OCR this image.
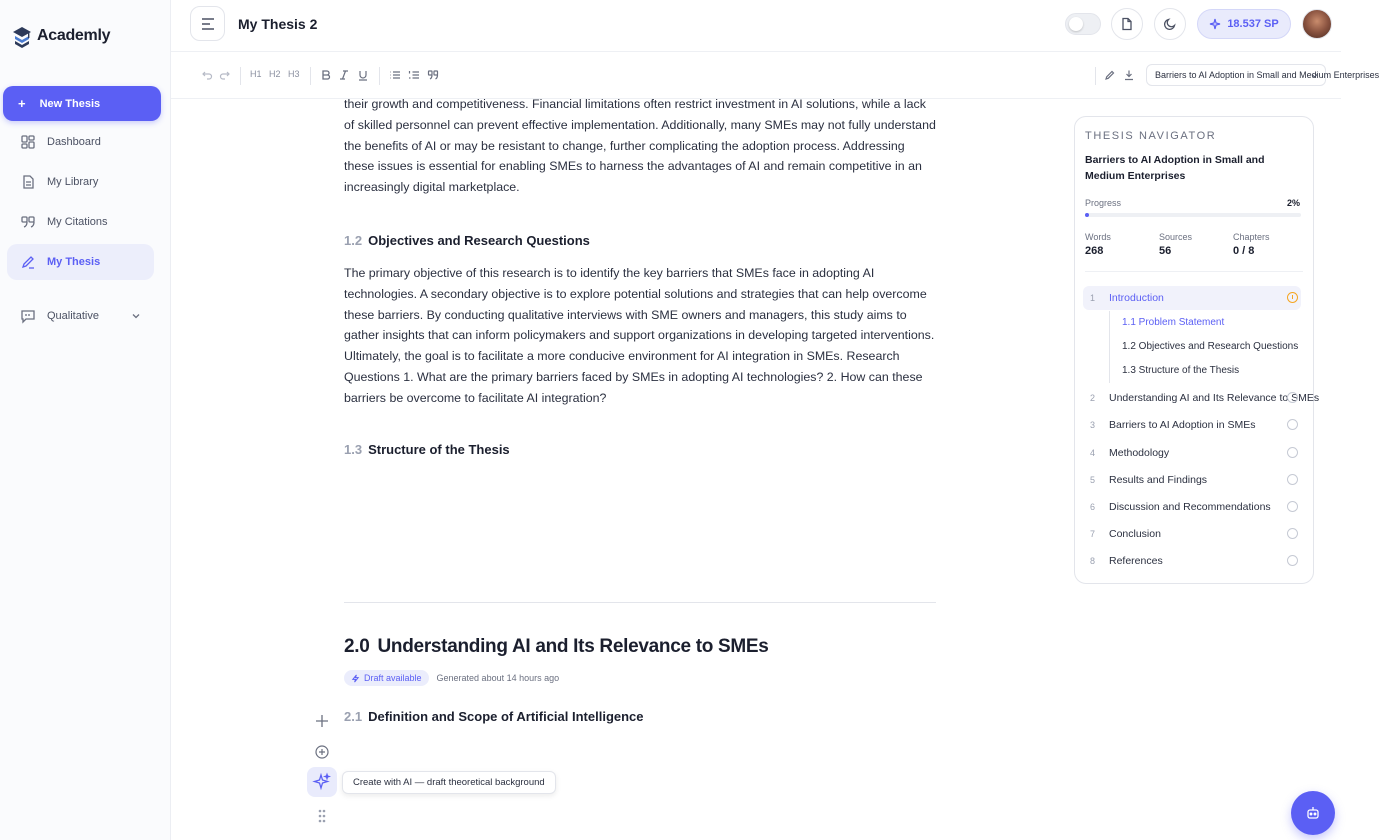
Academly
+ New Thesis
Dashboard
My Library
My Citations
My Thesis
Qualitative
My Thesis 2	18.537 SP
H1 H2 H3	Barriers to AI Adoption in Small and Medium Enterprises

their growth and competitiveness. Financial limitations often restrict investment in AI solutions, while a lack of skilled personnel can prevent effective implementation. Additionally, many SMEs may not fully understand the benefits of AI or may be resistant to change, further complicating the adoption process. Addressing these issues is essential for enabling SMEs to harness the advantages of AI and remain competitive in an increasingly digital marketplace.

1.2 Objectives and Research Questions

The primary objective of this research is to identify the key barriers that SMEs face in adopting AI technologies. A secondary objective is to explore potential solutions and strategies that can help overcome these barriers. By conducting qualitative interviews with SME owners and managers, this study aims to gather insights that can inform policymakers and support organizations in developing targeted interventions. Ultimately, the goal is to facilitate a more conducive environment for AI integration in SMEs. Research Questions 1. What are the primary barriers faced by SMEs in adopting AI technologies? 2. How can these barriers be overcome to facilitate AI integration?

1.3 Structure of the Thesis
2.0 Understanding AI and Its Relevance to SMEs
Draft available Generated about 14 hours ago
2.1 Definition and Scope of Artificial Intelligence
Create with AI — draft theoretical background
THESIS NAVIGATOR
Barriers to AI Adoption in Small and Medium Enterprises
Progress	2%
Words
268
Sources
56
Chapters
0 / 8
1	Introduction
1.1 Problem Statement
1.2 Objectives and Research Questions
1.3 Structure of the Thesis
2	Understanding AI and Its Relevance to SMEs
3	Barriers to AI Adoption in SMEs
4	Methodology
5	Results and Findings
6	Discussion and Recommendations
7	Conclusion
8	References
